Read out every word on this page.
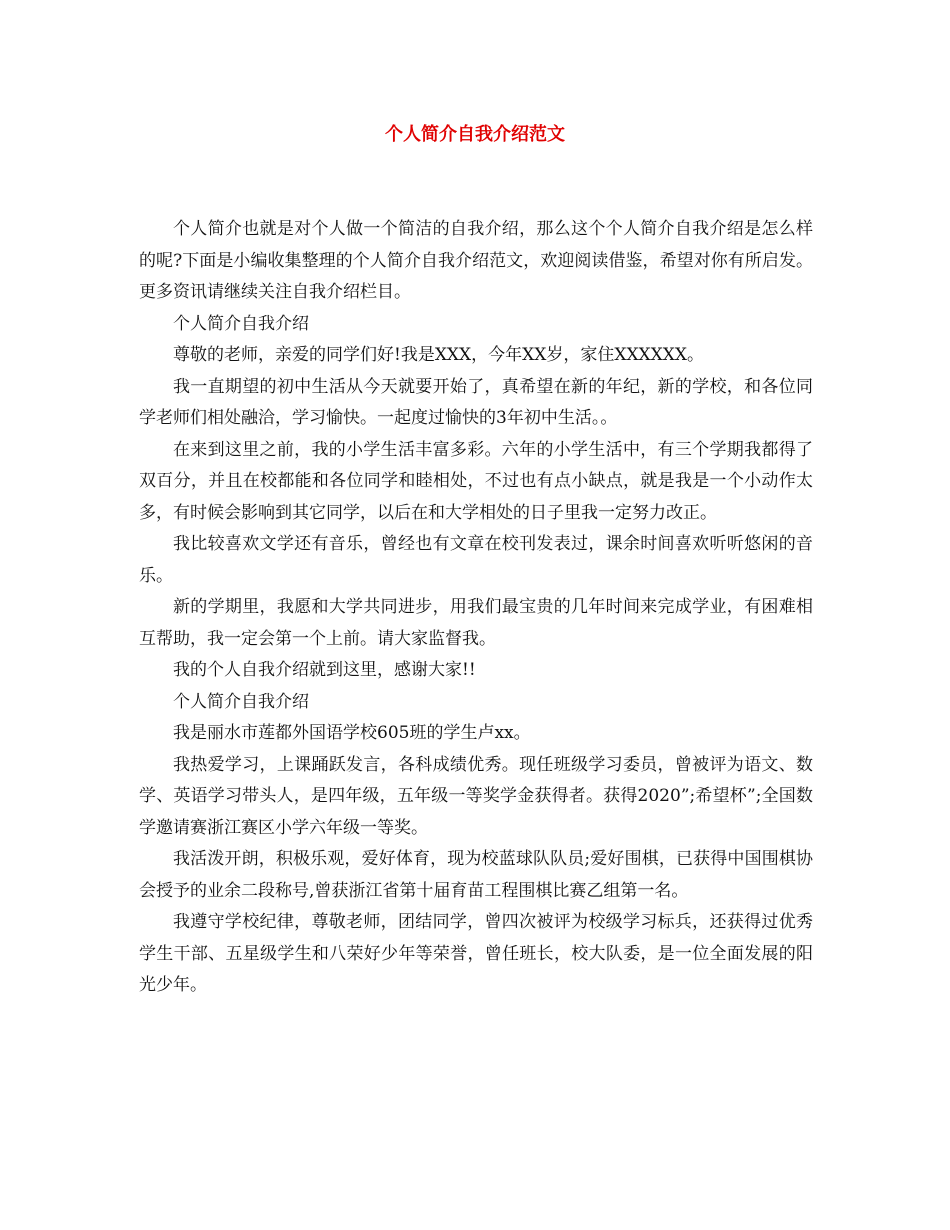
个人简介自我介绍范文

个人简介也就是对个人做一个简洁的自我介绍，那么这个个人简介自我介绍是怎么样的呢?下面是小编收集整理的个人简介自我介绍范文，欢迎阅读借鉴，希望对你有所启发。更多资讯请继续关注自我介绍栏目。

个人简介自我介绍

尊敬的老师，亲爱的同学们好!我是XXX，今年XX岁，家住XXXXXX。

我一直期望的初中生活从今天就要开始了，真希望在新的年纪，新的学校，和各位同学老师们相处融洽，学习愉快。一起度过愉快的3年初中生活。。

在来到这里之前，我的小学生活丰富多彩。六年的小学生活中，有三个学期我都得了双百分，并且在校都能和各位同学和睦相处，不过也有点小缺点，就是我是一个小动作太多，有时候会影响到其它同学，以后在和大学相处的日子里我一定努力改正。

我比较喜欢文学还有音乐，曾经也有文章在校刊发表过，课余时间喜欢听听悠闲的音乐。

新的学期里，我愿和大学共同进步，用我们最宝贵的几年时间来完成学业，有困难相互帮助，我一定会第一个上前。请大家监督我。

我的个人自我介绍就到这里，感谢大家!!

个人简介自我介绍

我是丽水市莲都外国语学校605班的学生卢xx。

我热爱学习，上课踊跃发言，各科成绩优秀。现任班级学习委员，曾被评为语文、数学、英语学习带头人，是四年级，五年级一等奖学金获得者。获得2020”;希望杯”;全国数学邀请赛浙江赛区小学六年级一等奖。

我活泼开朗，积极乐观，爱好体育，现为校蓝球队队员;爱好围棋，已获得中国围棋协会授予的业余二段称号,曾获浙江省第十届育苗工程围棋比赛乙组第一名。

我遵守学校纪律，尊敬老师，团结同学，曾四次被评为校级学习标兵，还获得过优秀学生干部、五星级学生和八荣好少年等荣誉，曾任班长，校大队委，是一位全面发展的阳光少年。
